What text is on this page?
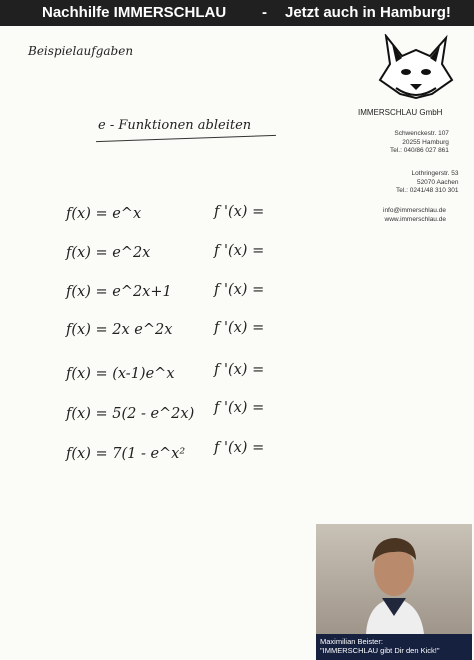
Nachhilfe IMMERSCHLAU - Jetzt auch in Hamburg!
Beispielaufgaben
e - Funktionen ableiten
IMMERSCHLAU GmbH
Schwenckestr. 107
20255 Hamburg
Tel.: 040/86 027 861
Lothringerstr. 53
52070 Aachen
Tel.: 0241/48 310 301
info@immerschlau.de
www.immerschlau.de
f(x) = e^x	f '(x) =
f(x) = e^2x	f '(x) =
f(x) = e^2x+1	f '(x) =
f(x) = 2x e^2x	f '(x) =
f(x) = (x-1)e^x	f '(x) =
f(x) = 5(2 - e^2x) f '(x) =
f(x) = 7(1 - e^x² f '(x) =
Maximilian Beister:
"IMMERSCHLAU gibt Dir den Kick!"
